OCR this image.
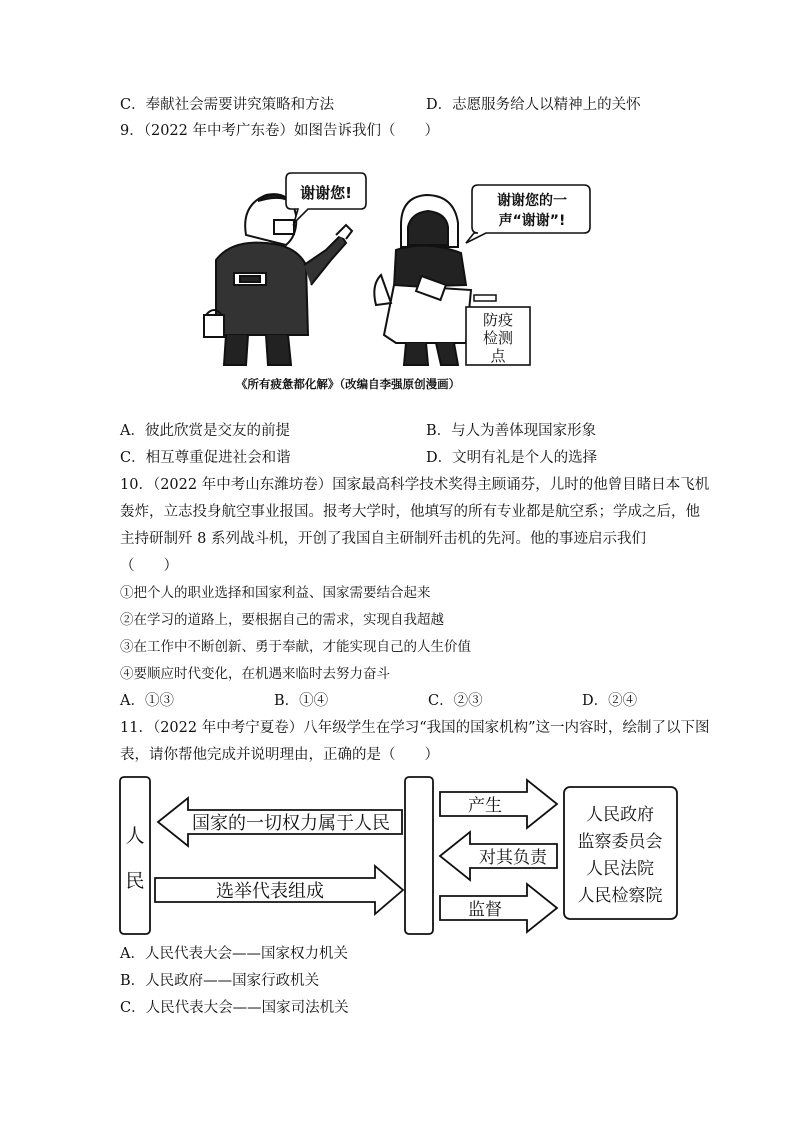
C．奉献社会需要讲究策略和方法	D．志愿服务给人以精神上的关怀
9．（2022 年中考广东卷）如图告诉我们（　　）
谢谢您!	谢谢您的一
声“谢谢”!
防疫
检测
点
《所有疲惫都化解》（改编自李强原创漫画）
A．彼此欣赏是交友的前提	B．与人为善体现国家形象
C．相互尊重促进社会和谐	D．文明有礼是个人的选择
10．（2022 年中考山东潍坊卷）国家最高科学技术奖得主顾诵芬，儿时的他曾目睹日本飞机
轰炸，立志投身航空事业报国。报考大学时，他填写的所有专业都是航空系；学成之后，他
主持研制歼 8 系列战斗机，开创了我国自主研制歼击机的先河。他的事迹启示我们
（　　）
①把个人的职业选择和国家利益、国家需要结合起来
②在学习的道路上，要根据自己的需求，实现自我超越
③在工作中不断创新、勇于奉献，才能实现自己的人生价值
④要顺应时代变化，在机遇来临时去努力奋斗
A．①③	B．①④	C．②③	D．②④
11．（2022 年中考宁夏卷）八年级学生在学习“我国的国家机构”这一内容时，绘制了以下图
表，请你帮他完成并说明理由，正确的是（　　）
人
民
国家的一切权力属于人民
选举代表组成
产生
对其负责
监督
人民政府
监察委员会
人民法院
人民检察院
A．人民代表大会——国家权力机关
B．人民政府——国家行政机关
C．人民代表大会——国家司法机关
